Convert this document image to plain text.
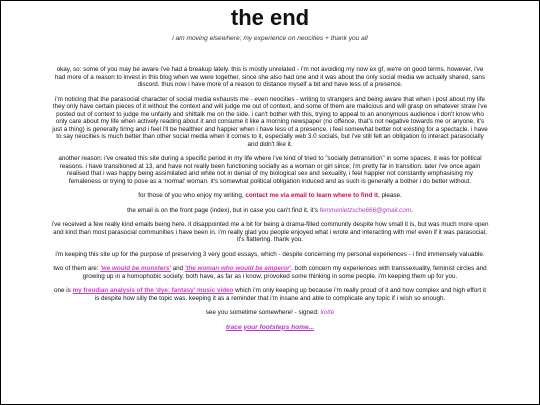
the end
i am moving elsewhere; my experience on neocities + thank you all

okay, so: some of you may be aware i've had a breakup lately. this is mostly unrelated - i'm not avoiding my now ex gf, we're on good terms. however, i've had more of a reason to invest in this blog when we were together, since she also had one and it was about the only social media we actually shared, sans discord. thus now i have more of a reason to distance myself a bit and have less of a presence.

i'm noticing that the parasocial character of social media exhausts me - even neocities - writing to strangers and being aware that when i post about my life they only have certain pieces of it without the context and will judge me out of context, and some of them are malicious and will grasp on whatever straw i've posted out of context to judge me unfairly and shittalk me on the side. i can't bother with this, trying to appeal to an anonymous audience i don't know who only care about my life when actively reading about it and consume it like a morning newspaper (no offence, that's not negative towards me or anyone, it's just a thing) is generally tiring and i feel i'll be healthier and happier when i have less of a presence. i feel somewhat better not existing for a spectacle. i have to say neocities is much better than other social media when it comes to it, especially web 3.0 socials, but i've still felt an obligation to interact parasocially and didn't like it.

another reason: i've created this site during a specific period in my life where i've kind of tried to "socially detransition" in some spaces. it was for political reasons. i have transitioned at 13, and have not really been functioning socially as a woman or girl since; i'm pretty far in transition. later i've once again realised that i was happy being assimilated and while not in denial of my biological sex and sexuality, i feel happier not constantly emphasising my femaleness or trying to pose as a 'normal' woman. it's somewhat political obligation induced and as such is generally a bother i do better without.

for those of you who enjoy my writing, contact me via email to learn where to find it, please.

the email is on the front page (index), but in case you can't find it, it's femmenietzsche666@gmail.com.

i've received a few really kind emails being here. it disappointed me a bit for being a drama-filled community despite how small it is, but was much more open and kind than most parasocial communities i have been in. i'm really glad you people enjoyed what i wrote and interacting with me! even if it was parasocial, it's flattering. thank you.

i'm keeping this site up for the purpose of preserving 3 very good essays, which - despite concerning my personal experiences - i find immensely valuable.

two of them are: 'we would be monsters' and 'the woman who would be emperor'. both concern my experiences with transsexuality, feminist circles and growing up in a homophobic society. both have, as far as i know, provoked some thinking in some people. i'm keeping them up for you.

one is my freudian analysis of the 'dye: fantasy' music video which i'm only keeping up because i'm really proud of it and how complex and high effort it is despite how silly the topic was. keeping it as a reminder that i'm insane and able to complicate any topic if i wish so enough.

see you sometime somewhere! - signed: kotte

trace your footsteps home...
